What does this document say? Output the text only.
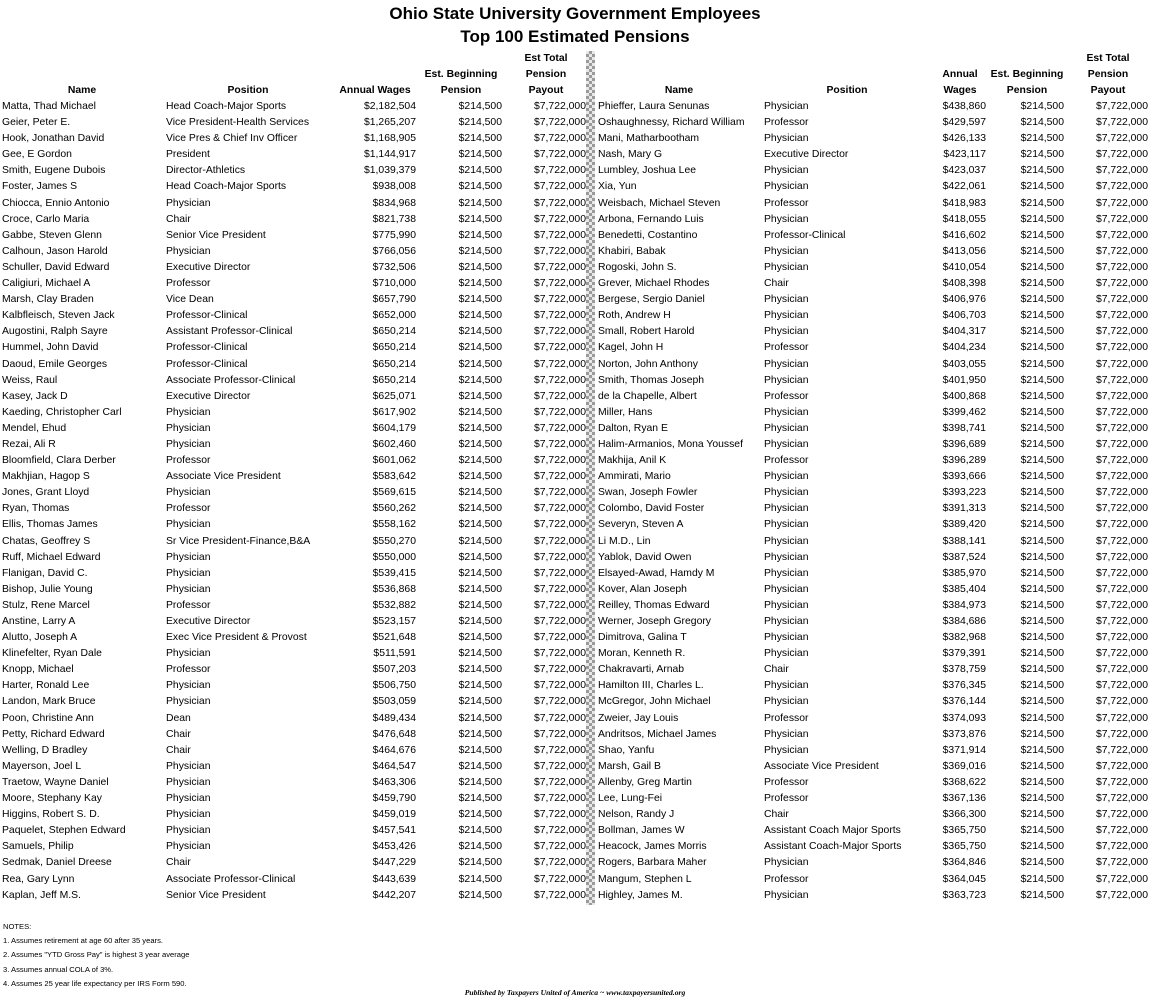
Ohio State University Government Employees
Top 100 Estimated Pensions
				Est Total
			Est. Beginning	Pension
Name	Position	Annual Wages	Pension	Payout
Matta, Thad Michael	Head Coach-Major Sports	$2,182,504	$214,500	$7,722,000
Geier, Peter E.	Vice President-Health Services	$1,265,207	$214,500	$7,722,000
Hook, Jonathan David	Vice Pres & Chief Inv Officer	$1,168,905	$214,500	$7,722,000
Gee, E Gordon	President	$1,144,917	$214,500	$7,722,000
Smith, Eugene Dubois	Director-Athletics	$1,039,379	$214,500	$7,722,000
Foster, James S	Head Coach-Major Sports	$938,008	$214,500	$7,722,000
Chiocca, Ennio Antonio	Physician	$834,968	$214,500	$7,722,000
Croce, Carlo Maria	Chair	$821,738	$214,500	$7,722,000
Gabbe, Steven Glenn	Senior Vice President	$775,990	$214,500	$7,722,000
Calhoun, Jason Harold	Physician	$766,056	$214,500	$7,722,000
Schuller, David Edward	Executive Director	$732,506	$214,500	$7,722,000
Caligiuri, Michael A	Professor	$710,000	$214,500	$7,722,000
Marsh, Clay Braden	Vice Dean	$657,790	$214,500	$7,722,000
Kalbfleisch, Steven Jack	Professor-Clinical	$652,000	$214,500	$7,722,000
Augostini, Ralph Sayre	Assistant Professor-Clinical	$650,214	$214,500	$7,722,000
Hummel, John David	Professor-Clinical	$650,214	$214,500	$7,722,000
Daoud, Emile Georges	Professor-Clinical	$650,214	$214,500	$7,722,000
Weiss, Raul	Associate Professor-Clinical	$650,214	$214,500	$7,722,000
Kasey, Jack D	Executive Director	$625,071	$214,500	$7,722,000
Kaeding, Christopher Carl	Physician	$617,902	$214,500	$7,722,000
Mendel, Ehud	Physician	$604,179	$214,500	$7,722,000
Rezai, Ali R	Physician	$602,460	$214,500	$7,722,000
Bloomfield, Clara Derber	Professor	$601,062	$214,500	$7,722,000
Makhjian, Hagop S	Associate Vice President	$583,642	$214,500	$7,722,000
Jones, Grant Lloyd	Physician	$569,615	$214,500	$7,722,000
Ryan, Thomas	Professor	$560,262	$214,500	$7,722,000
Ellis, Thomas James	Physician	$558,162	$214,500	$7,722,000
Chatas, Geoffrey S	Sr Vice President-Finance,B&A	$550,270	$214,500	$7,722,000
Ruff, Michael Edward	Physician	$550,000	$214,500	$7,722,000
Flanigan, David C.	Physician	$539,415	$214,500	$7,722,000
Bishop, Julie Young	Physician	$536,868	$214,500	$7,722,000
Stulz, Rene Marcel	Professor	$532,882	$214,500	$7,722,000
Anstine, Larry A	Executive Director	$523,157	$214,500	$7,722,000
Alutto, Joseph A	Exec Vice President & Provost	$521,648	$214,500	$7,722,000
Klinefelter, Ryan Dale	Physician	$511,591	$214,500	$7,722,000
Knopp, Michael	Professor	$507,203	$214,500	$7,722,000
Harter, Ronald Lee	Physician	$506,750	$214,500	$7,722,000
Landon, Mark Bruce	Physician	$503,059	$214,500	$7,722,000
Poon, Christine Ann	Dean	$489,434	$214,500	$7,722,000
Petty, Richard Edward	Chair	$476,648	$214,500	$7,722,000
Welling, D Bradley	Chair	$464,676	$214,500	$7,722,000
Mayerson, Joel L	Physician	$464,547	$214,500	$7,722,000
Traetow, Wayne Daniel	Physician	$463,306	$214,500	$7,722,000
Moore, Stephany Kay	Physician	$459,790	$214,500	$7,722,000
Higgins, Robert S. D.	Physician	$459,019	$214,500	$7,722,000
Paquelet, Stephen Edward	Physician	$457,541	$214,500	$7,722,000
Samuels, Philip	Physician	$453,426	$214,500	$7,722,000
Sedmak, Daniel Dreese	Chair	$447,229	$214,500	$7,722,000
Rea, Gary Lynn	Associate Professor-Clinical	$443,639	$214,500	$7,722,000
Kaplan, Jeff M.S.	Senior Vice President	$442,207	$214,500	$7,722,000
				Est Total
		Annual	Est. Beginning	Pension
Name	Position	Wages	Pension	Payout
Phieffer, Laura Senunas	Physician	$438,860	$214,500	$7,722,000
Oshaughnessy, Richard William	Professor	$429,597	$214,500	$7,722,000
Mani, Matharbootham	Physician	$426,133	$214,500	$7,722,000
Nash, Mary G	Executive Director	$423,117	$214,500	$7,722,000
Lumbley, Joshua Lee	Physician	$423,037	$214,500	$7,722,000
Xia, Yun	Physician	$422,061	$214,500	$7,722,000
Weisbach, Michael Steven	Professor	$418,983	$214,500	$7,722,000
Arbona, Fernando Luis	Physician	$418,055	$214,500	$7,722,000
Benedetti, Costantino	Professor-Clinical	$416,602	$214,500	$7,722,000
Khabiri, Babak	Physician	$413,056	$214,500	$7,722,000
Rogoski, John S.	Physician	$410,054	$214,500	$7,722,000
Grever, Michael Rhodes	Chair	$408,398	$214,500	$7,722,000
Bergese, Sergio Daniel	Physician	$406,976	$214,500	$7,722,000
Roth, Andrew H	Physician	$406,703	$214,500	$7,722,000
Small, Robert Harold	Physician	$404,317	$214,500	$7,722,000
Kagel, John H	Professor	$404,234	$214,500	$7,722,000
Norton, John Anthony	Physician	$403,055	$214,500	$7,722,000
Smith, Thomas Joseph	Physician	$401,950	$214,500	$7,722,000
de la Chapelle, Albert	Professor	$400,868	$214,500	$7,722,000
Miller, Hans	Physician	$399,462	$214,500	$7,722,000
Dalton, Ryan E	Physician	$398,741	$214,500	$7,722,000
Halim-Armanios, Mona Youssef	Physician	$396,689	$214,500	$7,722,000
Makhija, Anil K	Professor	$396,289	$214,500	$7,722,000
Ammirati, Mario	Physician	$393,666	$214,500	$7,722,000
Swan, Joseph Fowler	Physician	$393,223	$214,500	$7,722,000
Colombo, David Foster	Physician	$391,313	$214,500	$7,722,000
Severyn, Steven A	Physician	$389,420	$214,500	$7,722,000
Li M.D., Lin	Physician	$388,141	$214,500	$7,722,000
Yablok, David Owen	Physician	$387,524	$214,500	$7,722,000
Elsayed-Awad, Hamdy M	Physician	$385,970	$214,500	$7,722,000
Kover, Alan Joseph	Physician	$385,404	$214,500	$7,722,000
Reilley, Thomas Edward	Physician	$384,973	$214,500	$7,722,000
Werner, Joseph Gregory	Physician	$384,686	$214,500	$7,722,000
Dimitrova, Galina T	Physician	$382,968	$214,500	$7,722,000
Moran, Kenneth R.	Physician	$379,391	$214,500	$7,722,000
Chakravarti, Arnab	Chair	$378,759	$214,500	$7,722,000
Hamilton III, Charles L.	Physician	$376,345	$214,500	$7,722,000
McGregor, John Michael	Physician	$376,144	$214,500	$7,722,000
Zweier, Jay Louis	Professor	$374,093	$214,500	$7,722,000
Andritsos, Michael James	Physician	$373,876	$214,500	$7,722,000
Shao, Yanfu	Physician	$371,914	$214,500	$7,722,000
Marsh, Gail B	Associate Vice President	$369,016	$214,500	$7,722,000
Allenby, Greg Martin	Professor	$368,622	$214,500	$7,722,000
Lee, Lung-Fei	Professor	$367,136	$214,500	$7,722,000
Nelson, Randy J	Chair	$366,300	$214,500	$7,722,000
Bollman, James W	Assistant Coach Major Sports	$365,750	$214,500	$7,722,000
Heacock, James Morris	Assistant Coach-Major Sports	$365,750	$214,500	$7,722,000
Rogers, Barbara Maher	Physician	$364,846	$214,500	$7,722,000
Mangum, Stephen L	Professor	$364,045	$214,500	$7,722,000
Highley, James M.	Physician	$363,723	$214,500	$7,722,000
NOTES:
1. Assumes retirement at age 60 after 35 years.
2. Assumes "YTD Gross Pay" is highest 3 year average
3. Assumes annual COLA of 3%.
4. Assumes 25 year life expectancy per IRS Form 590.
Published by Taxpayers United of America ~ www.taxpayersunited.org
